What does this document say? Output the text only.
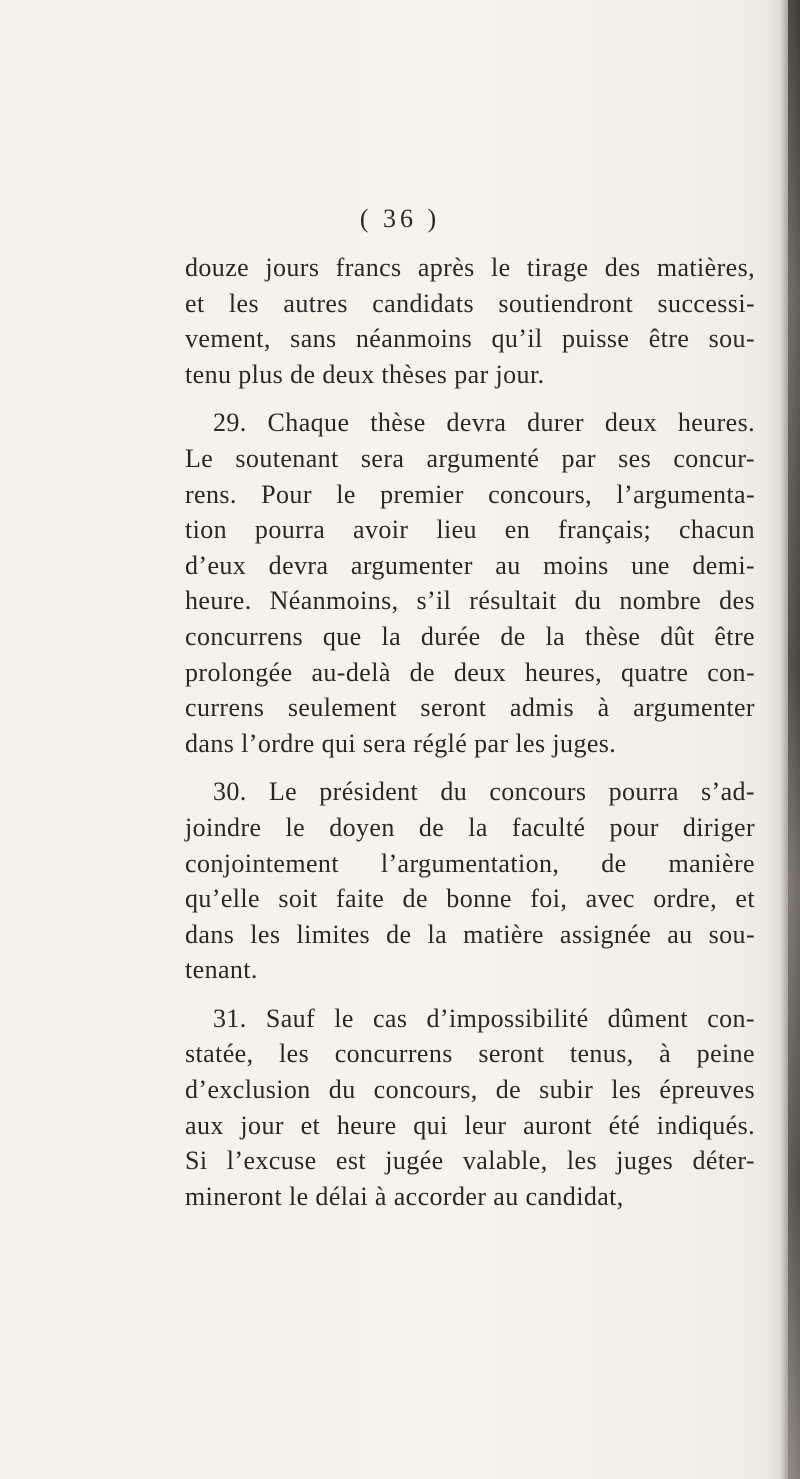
( 36 )
douze jours francs après le tirage des matières,
et les autres candidats soutiendront successi-
vement, sans néanmoins qu’il puisse être sou-
tenu plus de deux thèses par jour.
29. Chaque thèse devra durer deux heures.
Le soutenant sera argumenté par ses concur-
rens. Pour le premier concours, l’argumenta-
tion pourra avoir lieu en français; chacun
d’eux devra argumenter au moins une demi-
heure. Néanmoins, s’il résultait du nombre des
concurrens que la durée de la thèse dût être
prolongée au-delà de deux heures, quatre con-
currens seulement seront admis à argumenter
dans l’ordre qui sera réglé par les juges.
30. Le président du concours pourra s’ad-
joindre le doyen de la faculté pour diriger
conjointement l’argumentation, de manière
qu’elle soit faite de bonne foi, avec ordre, et
dans les limites de la matière assignée au sou-
tenant.
31. Sauf le cas d’impossibilité dûment con-
statée, les concurrens seront tenus, à peine
d’exclusion du concours, de subir les épreuves
aux jour et heure qui leur auront été indiqués.
Si l’excuse est jugée valable, les juges déter-
mineront le délai à accorder au candidat,
